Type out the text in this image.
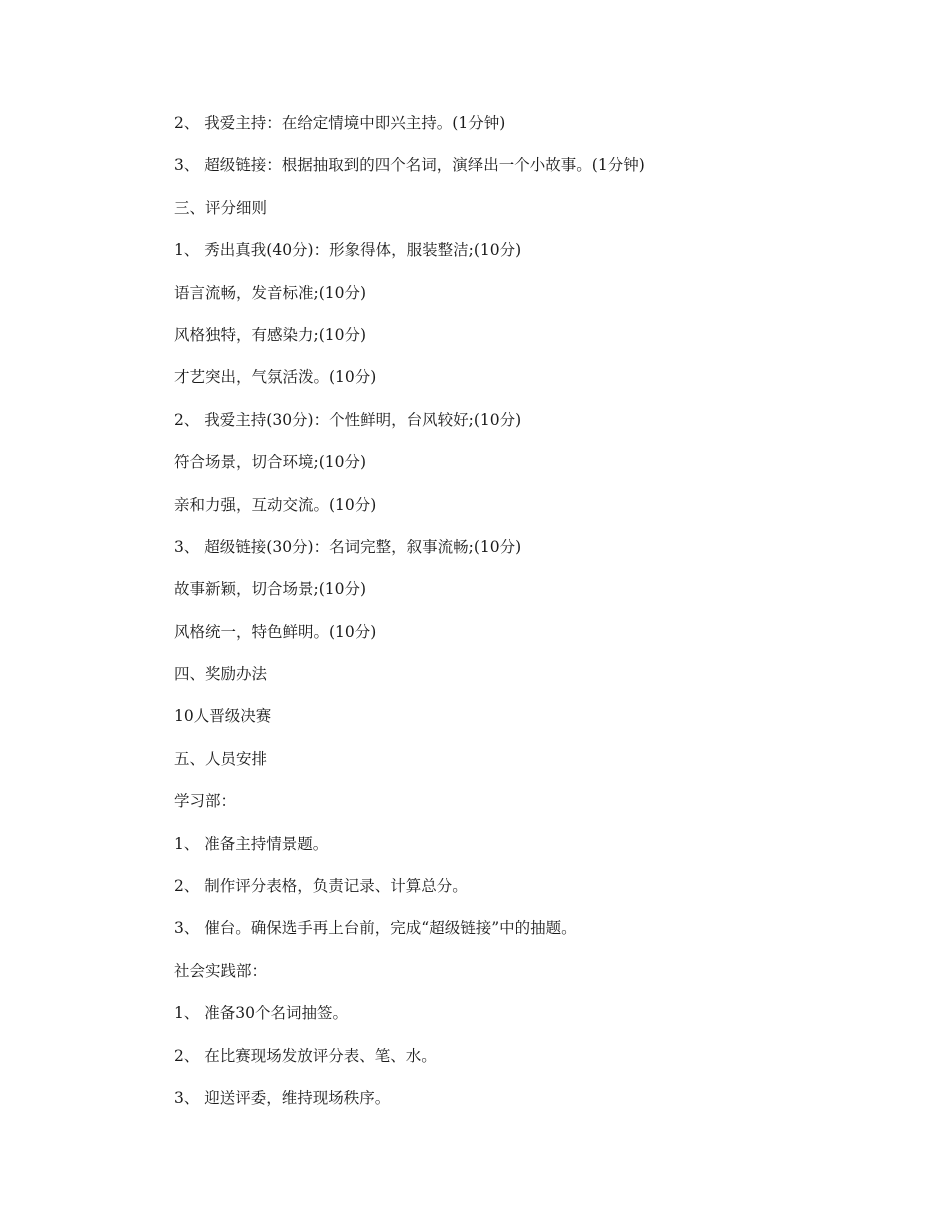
2、 我爱主持：在给定情境中即兴主持。(1分钟)
3、 超级链接：根据抽取到的四个名词，演绎出一个小故事。(1分钟)
三、评分细则
1、 秀出真我(40分)：形象得体，服装整洁;(10分)
语言流畅，发音标准;(10分)
风格独特，有感染力;(10分)
才艺突出，气氛活泼。(10分)
2、 我爱主持(30分)：个性鲜明，台风较好;(10分)
符合场景，切合环境;(10分)
亲和力强，互动交流。(10分)
3、 超级链接(30分)：名词完整，叙事流畅;(10分)
故事新颖，切合场景;(10分)
风格统一，特色鲜明。(10分)
四、奖励办法
10人晋级决赛
五、人员安排
学习部：
1、 准备主持情景题。
2、 制作评分表格，负责记录、计算总分。
3、 催台。确保选手再上台前，完成“超级链接”中的抽题。
社会实践部：
1、 准备30个名词抽签。
2、 在比赛现场发放评分表、笔、水。
3、 迎送评委，维持现场秩序。
